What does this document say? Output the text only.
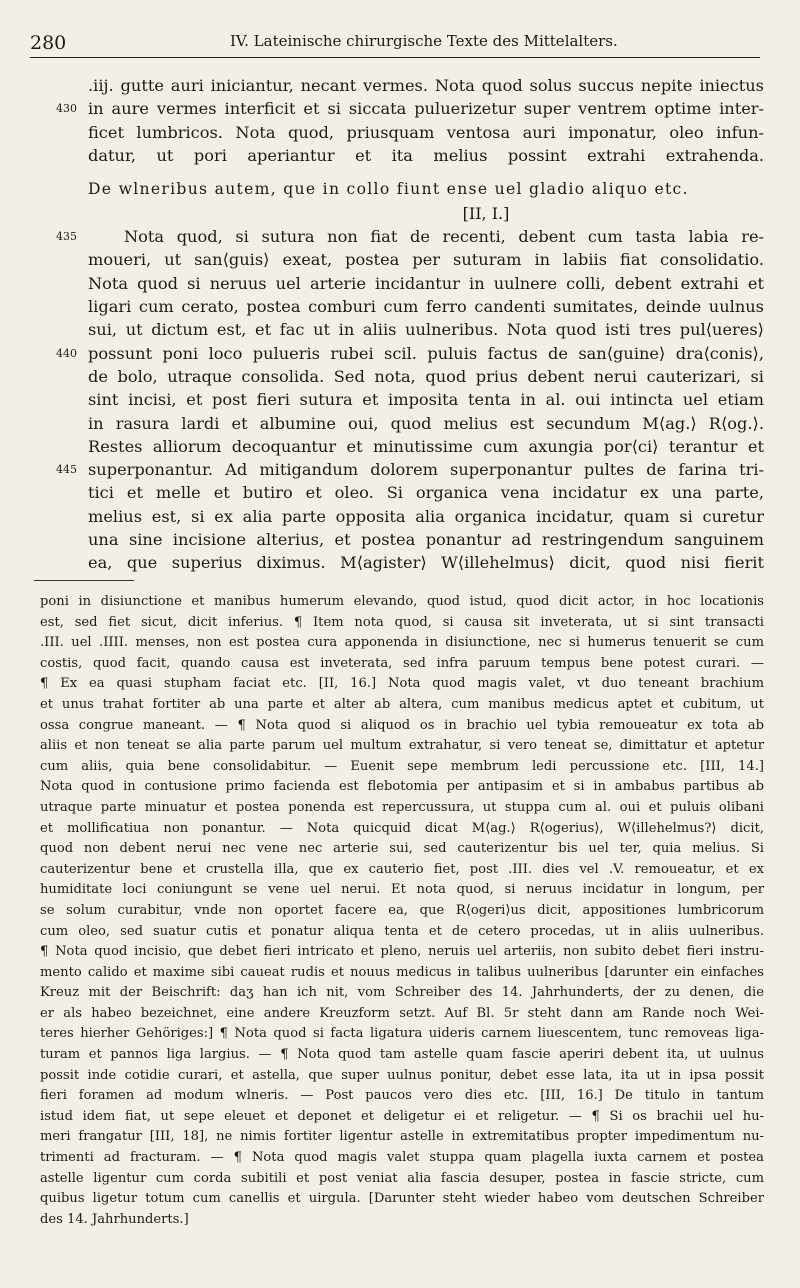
280	IV. Lateinische chirurgische Texte des Mittelalters.
.iij. gutte auri iniciantur, necant vermes. Nota quod solus succus nepite iniectus
430 in aure vermes interficit et si siccata puluerizetur super ventrem optime inter-
ficet lumbricos. Nota quod, priusquam ventosa auri imponatur, oleo infun-
datur, ut pori aperiantur et ita melius possint extrahi extrahenda.
De wlneribus autem, que in collo fiunt ense uel gladio aliquo etc.
[II, I.]
435	Nota quod, si sutura non fiat de recenti, debent cum tasta labia re-
moueri, ut san⟨guis⟩ exeat, postea per suturam in labiis fiat consolidatio.
Nota quod si neruus uel arterie incidantur in uulnere colli, debent extrahi et
ligari cum cerato, postea comburi cum ferro candenti sumitates, deinde uulnus
sui, ut dictum est, et fac ut in aliis uulneribus. Nota quod isti tres pul⟨ueres⟩
440 possunt poni loco pulueris rubei scil. puluis factus de san⟨guine⟩ dra⟨conis⟩,
de bolo, utraque consolida. Sed nota, quod prius debent nerui cauterizari, si
sint incisi, et post fieri sutura et imposita tenta in al. oui intincta uel etiam
in rasura lardi et albumine oui, quod melius est secundum M⟨ag.⟩ R⟨og.⟩.
Restes alliorum decoquantur et minutissime cum axungia por⟨ci⟩ terantur et
445 superponantur. Ad mitigandum dolorem superponantur pultes de farina tri-
tici et melle et butiro et oleo. Si organica vena incidatur ex una parte,
melius est, si ex alia parte opposita alia organica incidatur, quam si curetur
una sine incisione alterius, et postea ponantur ad restringendum sanguinem
ea, que superius diximus. M⟨agister⟩ W⟨illehelmus⟩ dicit, quod nisi fierit
poni in disiunctione et manibus humerum elevando, quod istud, quod dicit actor, in hoc locationis
est, sed fiet sicut, dicit inferius. ¶ Item nota quod, si causa sit inveterata, ut si sint transacti
.III. uel .IIII. menses, non est postea cura apponenda in disiunctione, nec si humerus tenuerit se cum
costis, quod facit, quando causa est inveterata, sed infra paruum tempus bene potest curari. —
¶ Ex ea quasi stupham faciat etc. [II, 16.] Nota quod magis valet, vt duo teneant brachium
et unus trahat fortiter ab una parte et alter ab altera, cum manibus medicus aptet et cubitum, ut
ossa congrue maneant. — ¶ Nota quod si aliquod os in brachio uel tybia remoueatur ex tota ab
aliis et non teneat se alia parte parum uel multum extrahatur, si vero teneat se, dimittatur et aptetur
cum aliis, quia bene consolidabitur. — Euenit sepe membrum ledi percussione etc. [III, 14.]
Nota quod in contusione primo facienda est flebotomia per antipasim et si in ambabus partibus ab
utraque parte minuatur et postea ponenda est repercussura, ut stuppa cum al. oui et puluis olibani
et mollificatiua non ponantur. — Nota quicquid dicat M⟨ag.⟩ R⟨ogerius⟩, W⟨illehelmus?⟩ dicit,
quod non debent nerui nec vene nec arterie sui, sed cauterizentur bis uel ter, quia melius. Si
cauterizentur bene et crustella illa, que ex cauterio fiet, post .III. dies vel .V. remoueatur, et ex
humiditate loci coniungunt se vene uel nerui. Et nota quod, si neruus incidatur in longum, per
se solum curabitur, vnde non oportet facere ea, que R⟨ogeri⟩us dicit, appositiones lumbricorum
cum oleo, sed suatur cutis et ponatur aliqua tenta et de cetero procedas, ut in aliis uulneribus.
¶ Nota quod incisio, que debet fieri intricato et pleno, neruis uel arteriis, non subito debet fieri instru-
mento calido et maxime sibi caueat rudis et nouus medicus in talibus uulneribus [darunter ein einfaches
Kreuz mit der Beischrift: daʒ han ich nit, vom Schreiber des 14. Jahrhunderts, der zu denen, die
er als habeo bezeichnet, eine andere Kreuzform setzt. Auf Bl. 5r steht dann am Rande noch Wei-
teres hierher Gehöriges:] ¶ Nota quod si facta ligatura uideris carnem liuescentem, tunc removeas liga-
turam et pannos liga largius. — ¶ Nota quod tam astelle quam fascie aperiri debent ita, ut uulnus
possit inde cotidie curari, et astella, que super uulnus ponitur, debet esse lata, ita ut in ipsa possit
fieri foramen ad modum wlneris. — Post paucos vero dies etc. [III, 16.] De titulo in tantum
istud idem fiat, ut sepe eleuet et deponet et deligetur ei et religetur. — ¶ Si os brachii uel hu-
meri frangatur [III, 18], ne nimis fortiter ligentur astelle in extremitatibus propter impedimentum nu-
trimenti ad fracturam. — ¶ Nota quod magis valet stuppa quam plagella iuxta carnem et postea
astelle ligentur cum corda subitili et post veniat alia fascia desuper, postea in fascie stricte, cum
quibus ligetur totum cum canellis et uirgula. [Darunter steht wieder habeo vom deutschen Schreiber
des 14. Jahrhunderts.]
